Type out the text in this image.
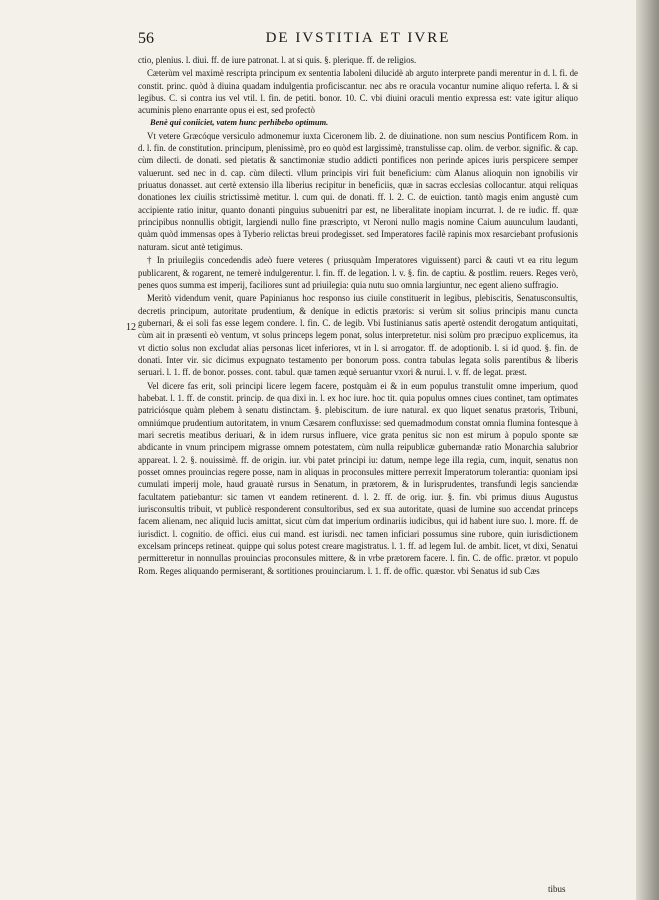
56	DE IVSTITIA ET IVRE
12

ctio, plenius. l. diui. ff. de iure patronat. l. at si quis. §. plerique. ff. de religios.

Cæterùm vel maximè rescripta principum ex sententia Iaboleni dilucidè ab arguto interprete pandi merentur in d. l. fi. de constit. princ. quòd à diuina quadam indulgentia proficiscantur. nec abs re oracula vocantur numine aliquo referta. l. & si legibus. C. si contra ius vel vtil. l. fin. de petiti. bonor. 10. C. vbi diuini oraculi mentio expressa est: vate igitur aliquo acuminis pleno enarrante opus ei est, sed profectò

Benè qui coniiciet, vatem hunc perhibebo optimum.

Vt vetere Græcóque versiculo admonemur iuxta Ciceronem lib. 2. de diuinatione. non sum nescius Pontificem Rom. in d. l. fin. de constitution. principum, plenissimè, pro eo quòd est largissimè, transtulisse cap. olim. de verbor. signific. & cap. cùm dilecti. de donati. sed pietatis & sanctimoniæ studio addicti pontifices non perinde apices iuris perspicere semper valuerunt. sed nec in d. cap. cùm dilecti. vllum principis viri fuit beneficium: cùm Alanus alioquin non ignobilis vir priuatus donasset. aut certè extensio illa liberius recipitur in beneficiis, quæ in sacras ecclesias collocantur. atqui reliquas donationes lex ciuilis strictissimè metitur. l. cum qui. de donati. ff. l. 2. C. de euiction. tantò magis enim angustè cum accipiente ratio initur, quanto donanti pinguius subuenitri par est, ne liberalitate inopiam incurrat. l. de re iudic. ff. quæ principibus nonnullis obtigit, largiendi nullo fine præscripto, vt Neroni nullo magis nomine Caium auunculum laudanti, quàm quòd immensas opes à Tyberio relictas breui prodegisset. sed Imperatores facilè rapinis mox resarciebant profusionis naturam. sicut antè tetigimus.

† In priuilegiis concedendis adeò fuere veteres ( priusquàm Imperatores viguissent) parci & cauti vt ea ritu legum publicarent, & rogarent, ne temerè indulgerentur. l. fin. ff. de legation. l. v. §. fin. de captiu. & postlim. reuers. Reges verò, penes quos summa est imperij, faciliores sunt ad priuilegia: quia nutu suo omnia largiuntur, nec egent alieno suffragio.

Meritò videndum venit, quare Papinianus hoc responso ius ciuile constituerit in legibus, plebiscitis, Senatusconsultis, decretis principum, autoritate prudentium, & deníque in edictis prætoris: si verùm sit solius principis manu cuncta gubernari, & ei soli fas esse legem condere. l. fin. C. de legib. Vbi Iustinianus satis apertè ostendit derogatum antiquitati, cùm ait in præsenti eò ventum, vt solus princeps legem ponat, solus interpretetur. nisi solùm pro præcipuo explicemus, ita vt dictio solus non excludat alias personas licet inferiores, vt in l. si arrogator. ff. de adoptionib. l. si id quod. §. fin. de donati. Inter vir. sic dicimus expugnato testamento per bonorum poss. contra tabulas legata solis parentibus & liberis seruari. l. 1. ff. de bonor. posses. cont. tabul. quæ tamen æquè seruantur vxori & nurui. l. v. ff. de legat. præst.

Vel dicere fas erit, soli principi licere legem facere, postquàm ei & in eum populus transtulit omne imperium, quod habebat. l. 1. ff. de constit. princip. de qua dixi in. l. ex hoc iure. hoc tit. quia populus omnes ciues continet, tam optimates patriciósque quàm plebem à senatu distinctam. §. plebiscitum. de iure natural. ex quo liquet senatus prætoris, Tribuni, omniúmque prudentium autoritatem, in vnum Cæsarem confluxisse: sed quemadmodum constat omnia flumina fontesque à mari secretis meatibus deriuari, & in idem rursus influere, vice grata penitus sic non est mirum à populo sponte sæ abdicante in vnum principem migrasse omnem potestatem, cùm nulla reipublicæ gubernandæ ratio Monarchia salubrior appareat. l. 2. §. nouissimè. ff. de origin. iur. vbi patet principi iu: datum, nempe lege illa regia, cum, inquit, senatus non posset omnes prouincias regere posse, nam in aliquas in proconsules mittere perrexit Imperatorum tolerantia: quoniam ipsi cumulati imperij mole, haud grauatè rursus in Senatum, in prætorem, & in Iurisprudentes, transfundi legis sanciendæ facultatem patiebantur: sic tamen vt eandem retinerent. d. l. 2. ff. de orig. iur. §. fin. vbi primus diuus Augustus iurisconsultis tribuit, vt publicè responderent consultoribus, sed ex sua autoritate, quasi de lumine suo accendat princeps facem alienam, nec aliquid lucis amittat, sicut cùm dat imperium ordinariis iudicibus, qui id habent iure suo. l. more. ff. de iurisdict. l. cognitio. de offici. eius cui mand. est iurisdi. nec tamen inficiari possumus sine rubore, quin iurisdictionem excelsam princeps retineat. quippe qui solus potest creare magistratus. l. 1. ff. ad legem Iul. de ambit. licet, vt dixi, Senatui permitteretur in nonnullas prouincias proconsules mittere, & in vrbe prætorem facere. l. fin. C. de offic. prætor. vt populo Rom. Reges aliquando permiserant, & sortitiones prouinciarum. l. 1. ff. de offic. quæstor. vbi Senatus id sub Cæs

tibus
